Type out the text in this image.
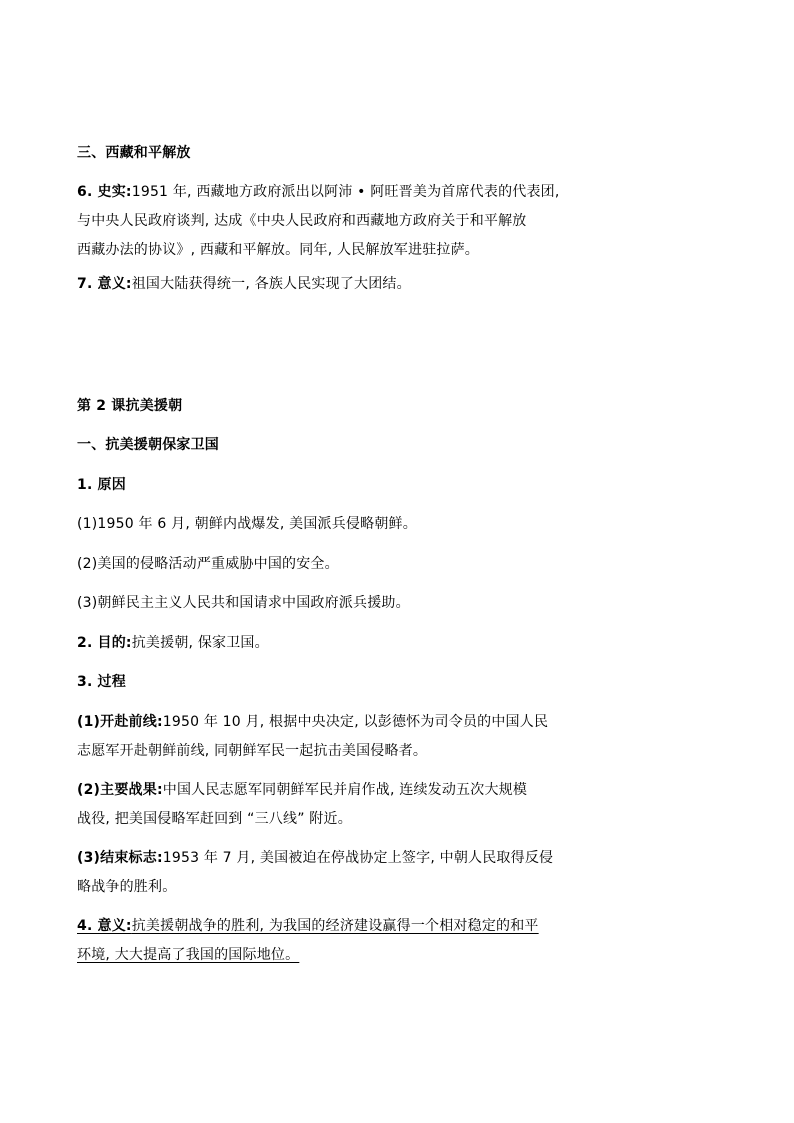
三、西藏和平解放
6. 史实:1951 年, 西藏地方政府派出以阿沛 • 阿旺晋美为首席代表的代表团,
与中央人民政府谈判, 达成《中央人民政府和西藏地方政府关于和平解放
西藏办法的协议》, 西藏和平解放。同年, 人民解放军进驻拉萨。
7. 意义:祖国大陆获得统一, 各族人民实现了大团结。
第 2 课抗美援朝
一、抗美援朝保家卫国
1. 原因
(1)1950 年 6 月, 朝鲜内战爆发, 美国派兵侵略朝鲜。
(2)美国的侵略活动严重威胁中国的安全。
(3)朝鲜民主主义人民共和国请求中国政府派兵援助。
2. 目的:抗美援朝, 保家卫国。
3. 过程
(1)开赴前线:1950 年 10 月, 根据中央决定, 以彭德怀为司令员的中国人民
志愿军开赴朝鲜前线, 同朝鲜军民一起抗击美国侵略者。
(2)主要战果:中国人民志愿军同朝鲜军民并肩作战, 连续发动五次大规模
战役, 把美国侵略军赶回到 “三八线” 附近。
(3)结束标志:1953 年 7 月, 美国被迫在停战协定上签字, 中朝人民取得反侵
略战争的胜利。
4. 意义:抗美援朝战争的胜利, 为我国的经济建设赢得一个相对稳定的和平
环境, 大大提高了我国的国际地位。
